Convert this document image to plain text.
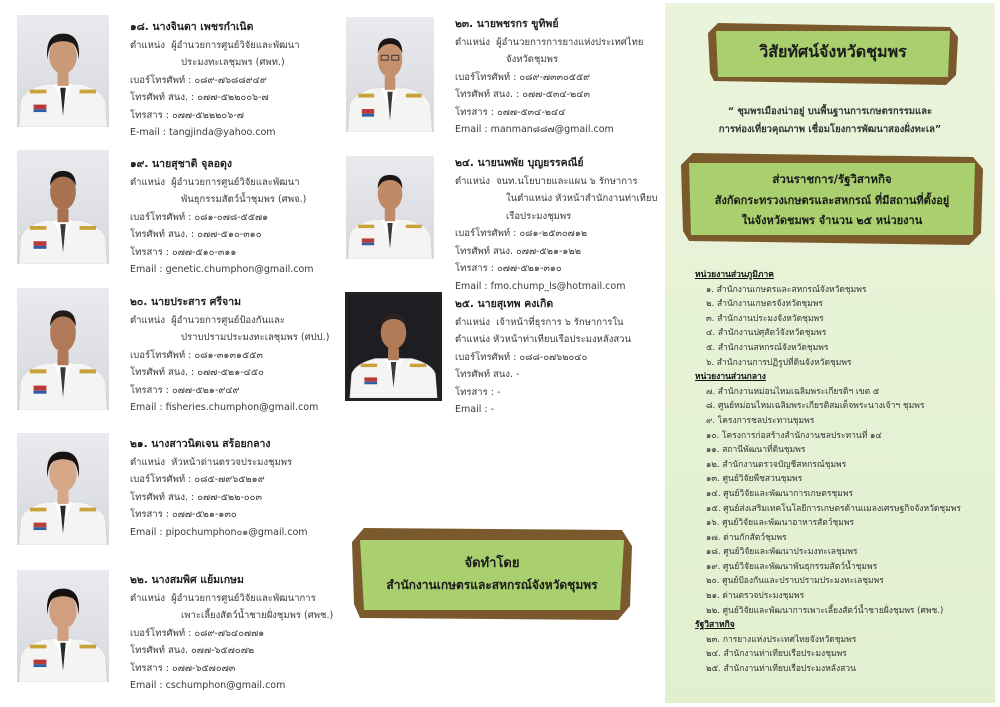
๑๘. นางจินดา เพชรกำเนิด
ตำแหน่ง ผู้อำนวยการศูนย์วิจัยและพัฒนา
ประมงทะเลชุมพร (ศพท.)
เบอร์โทรศัพท์ : ๐๘๙-๗๖๘๘๙๔๙
โทรศัพท์ สนง. : ๐๗๗-๕๒๒๐๐๖-๗
โทรสาร : ๐๗๗-๕๒๒๒๐๖-๗
E-mail : tangjinda@yahoo.com
๑๙. นายสุชาติ จุลอดุง
ตำแหน่ง ผู้อำนวยการศูนย์วิจัยและพัฒนา
พันธุกรรมสัตว์น้ำชุมพร (ศพจ.)
เบอร์โทรศัพท์ : ๐๘๑-๐๗๘-๕๕๗๑
โทรศัพท์ สนง. : ๐๗๗-๕๑๐-๓๑๐
โทรสาร : ๐๗๗-๕๑๐-๓๑๑
Email : genetic.chumphon@gmail.com
๒๐. นายประสาร ศรีจาม
ตำแหน่ง ผู้อำนวยการศูนย์ป้องกันและ
ปราบปรามประมงทะเลชุมพร (ศปป.)
เบอร์โทรศัพท์ : ๐๘๑-๓๑๓๑๕๕๓
โทรศัพท์ สนง. : ๐๗๗-๕๒๑-๔๕๐
โทรสาร : ๐๗๗-๕๒๑-๙๔๙
Email : fisheries.chumphon@gmail.com
๒๑. นางสาวนิตเจน สร้อยกลาง
ตำแหน่ง หัวหน้าด่านตรวจประมงชุมพร
เบอร์โทรศัพท์ : ๐๘๕-๗๙๖๕๒๑๙
โทรศัพท์ สนง. : ๐๗๗-๕๒๒-๐๐๓
โทรสาร : ๐๗๗-๕๒๑-๑๓๐
Email : pipochumphon๐๑@gmail.com
๒๒. นางสมพิศ แย้มเกษม
ตำแหน่ง ผู้อำนวยการศูนย์วิจัยและพัฒนาการ
เพาะเลี้ยงสัตว์น้ำชายฝั่งชุมพร (ศพช.)
เบอร์โทรศัพท์ : ๐๘๙-๗๖๔๐๗๗๑
โทรศัพท์ สนง. ๐๗๗-๖๕๗๐๗๒
โทรสาร : ๐๗๗-๖๕๗๐๗๓
Email : cschumphon@gmail.com
๒๓. นายพชรกร ขูทิพย์
ตำแหน่ง ผู้อำนวยการการยางแห่งประเทศไทย
จังหวัดชุมพร
เบอร์โทรศัพท์ : ๐๘๙-๗๓๓๐๕๕๙
โทรศัพท์ สนง. : ๐๗๗-๕๓๔-๒๔๓
โทรสาร : ๐๗๗-๕๓๔-๒๔๔
Email : manman๘๘๗@gmail.com
๒๔. นายนพพัย บุญยรรคณีย์
ตำแหน่ง จนท.นโยบายและแผน ๖ รักษาการ
ในตำแหน่ง หัวหน้าสำนักงานท่าเทียบ
เรือประมงชุมพร
เบอร์โทรศัพท์ : ๐๘๑-๒๕๓๐๗๑๒
โทรศัพท์ สนง. ๐๗๗-๕๒๑-๑๒๒
โทรสาร : ๐๗๗-๕๒๑-๓๑๐
Email : fmo.chump_ls@hotmail.com
๒๕. นายสุเทพ คงเกิด
ตำแหน่ง เจ้าหน้าที่ธุรการ ๖ รักษาการใน
ตำแหน่ง หัวหน้าท่าเทียบเรือประมงหลังสวน
เบอร์โทรศัพท์ : ๐๘๘-๐๗๖๒๐๔๐
โทรศัพท์ สนง. -
โทรสาร : -
Email : -
จัดทำโดย
สำนักงานเกษตรและสหกรณ์จังหวัดชุมพร
วิสัยทัศน์จังหวัดชุมพร
“ ชุมพรเมืองน่าอยู่ บนพื้นฐานการเกษตรกรรมและ
การท่องเที่ยวคุณภาพ เชื่อมโยงการพัฒนาสองฝั่งทะเล”
ส่วนราชการ/รัฐวิสาหกิจ
สังกัดกระทรวงเกษตรและสหกรณ์ ที่มีสถานที่ตั้งอยู่
ในจังหวัดชมพร จำนวน ๒๕ หน่วยงาน
หน่วยงานส่วนภูมิภาค
๑. สำนักงานเกษตรและสหกรณ์จังหวัดชุมพร
๒. สำนักงานเกษตรจังหวัดชุมพร
๓. สำนักงานประมงจังหวัดชุมพร
๔. สำนักงานปศุสัตว์จังหวัดชุมพร
๕. สำนักงานสหกรณ์จังหวัดชุมพร
๖. สำนักงานการปฏิรูปที่ดินจังหวัดชุมพร
หน่วยงานส่วนกลาง
๗. สำนักงานหม่อนไหมเฉลิมพระเกียรติฯ เขต ๕
๘. ศูนย์หม่อนไหมเฉลิมพระเกียรติสมเด็จพระนางเจ้าฯ ชุมพร
๙. โครงการชลประทานชุมพร
๑๐. โครงการก่อสร้างสำนักงานชลประทานที่ ๑๔
๑๑. สถานีพัฒนาที่ดินชุมพร
๑๒. สำนักงานตรวจบัญชีสหกรณ์ชุมพร
๑๓. ศูนย์วิจัยพืชสวนชุมพร
๑๔. ศูนย์วิจัยและพัฒนาการเกษตรชุมพร
๑๕. ศูนย์ส่งเสริมเทคโนโลยีการเกษตรด้านแมลงเศรษฐกิจจังหวัดชุมพร
๑๖. ศูนย์วิจัยและพัฒนาอาหารสัตว์ชุมพร
๑๗. ด่านกักสัตว์ชุมพร
๑๘. ศูนย์วิจัยและพัฒนาประมงทะเลชุมพร
๑๙. ศูนย์วิจัยและพัฒนาพันธุกรรมสัตว์น้ำชุมพร
๒๐. ศูนย์ป้องกันและปราบปรามประมงทะเลชุมพร
๒๑. ด่านตรวจประมงชุมพร
๒๒. ศูนย์วิจัยและพัฒนาการเพาะเลี้ยงสัตว์น้ำชายฝั่งชุมพร (ศพช.)
รัฐวิสาหกิจ
๒๓. การยางแห่งประเทศไทยจังหวัดชุมพร
๒๔. สำนักงานท่าเทียบเรือประมงชุมพร
๒๕. สำนักงานท่าเทียบเรือประมงหลังสวน
